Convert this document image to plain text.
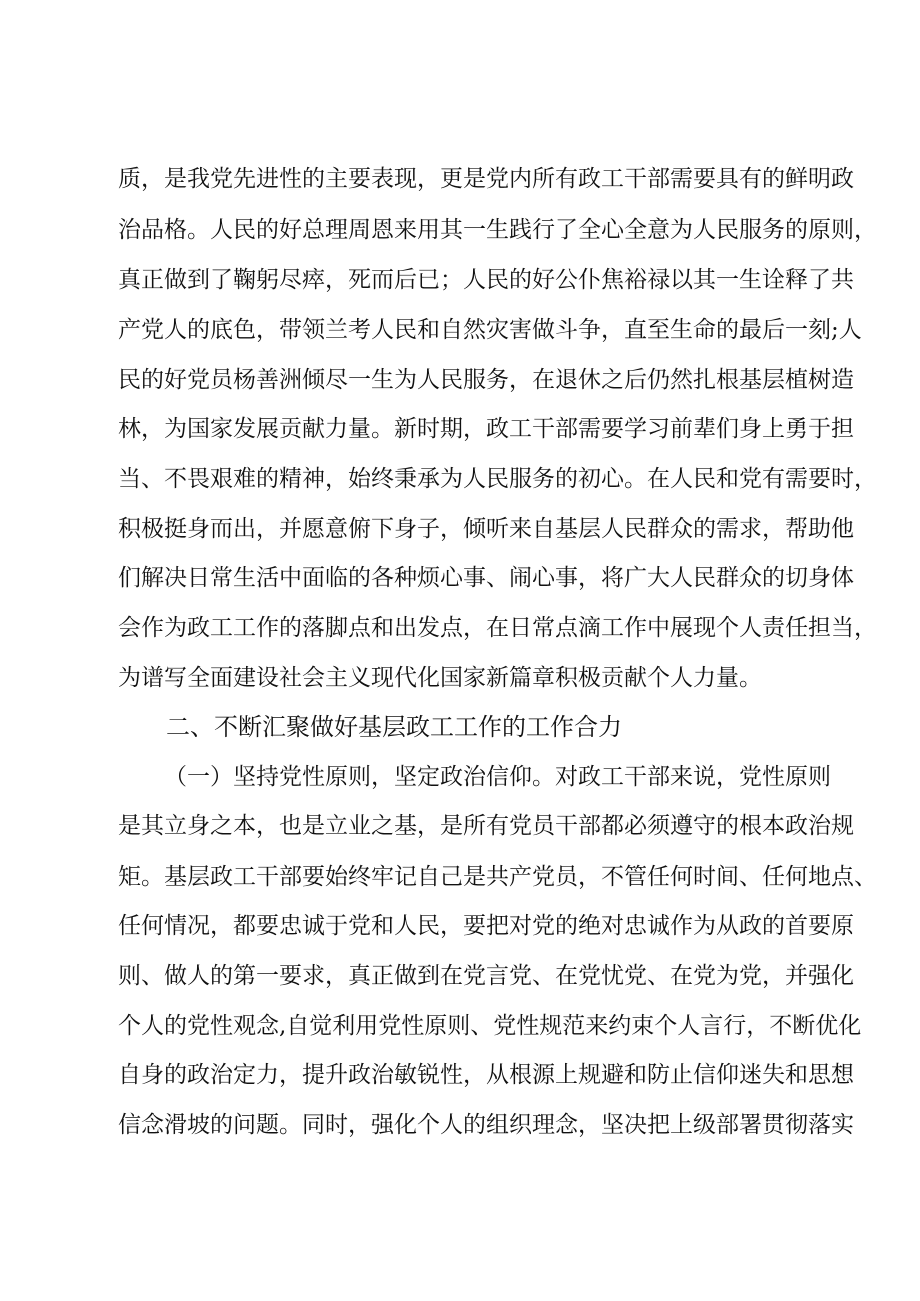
质，是我党先进性的主要表现，更是党内所有政工干部需要具有的鲜明政
治品格。人民的好总理周恩来用其一生践行了全心全意为人民服务的原则，
真正做到了鞠躬尽瘁，死而后已；人民的好公仆焦裕禄以其一生诠释了共
产党人的底色，带领兰考人民和自然灾害做斗争，直至生命的最后一刻;人
民的好党员杨善洲倾尽一生为人民服务，在退休之后仍然扎根基层植树造
林，为国家发展贡献力量。新时期，政工干部需要学习前辈们身上勇于担
当、不畏艰难的精神，始终秉承为人民服务的初心。在人民和党有需要时，
积极挺身而出，并愿意俯下身子，倾听来自基层人民群众的需求，帮助他
们解决日常生活中面临的各种烦心事、闹心事，将广大人民群众的切身体
会作为政工工作的落脚点和出发点，在日常点滴工作中展现个人责任担当，
为谱写全面建设社会主义现代化国家新篇章积极贡献个人力量。
二、不断汇聚做好基层政工工作的工作合力
（一）坚持党性原则，坚定政治信仰。对政工干部来说，党性原则
是其立身之本，也是立业之基，是所有党员干部都必须遵守的根本政治规
矩。基层政工干部要始终牢记自己是共产党员，不管任何时间、任何地点、
任何情况，都要忠诚于党和人民，要把对党的绝对忠诚作为从政的首要原
则、做人的第一要求，真正做到在党言党、在党忧党、在党为党，并强化
个人的党性观念,自觉利用党性原则、党性规范来约束个人言行，不断优化
自身的政治定力，提升政治敏锐性，从根源上规避和防止信仰迷失和思想
信念滑坡的问题。同时，强化个人的组织理念，坚决把上级部署贯彻落实
